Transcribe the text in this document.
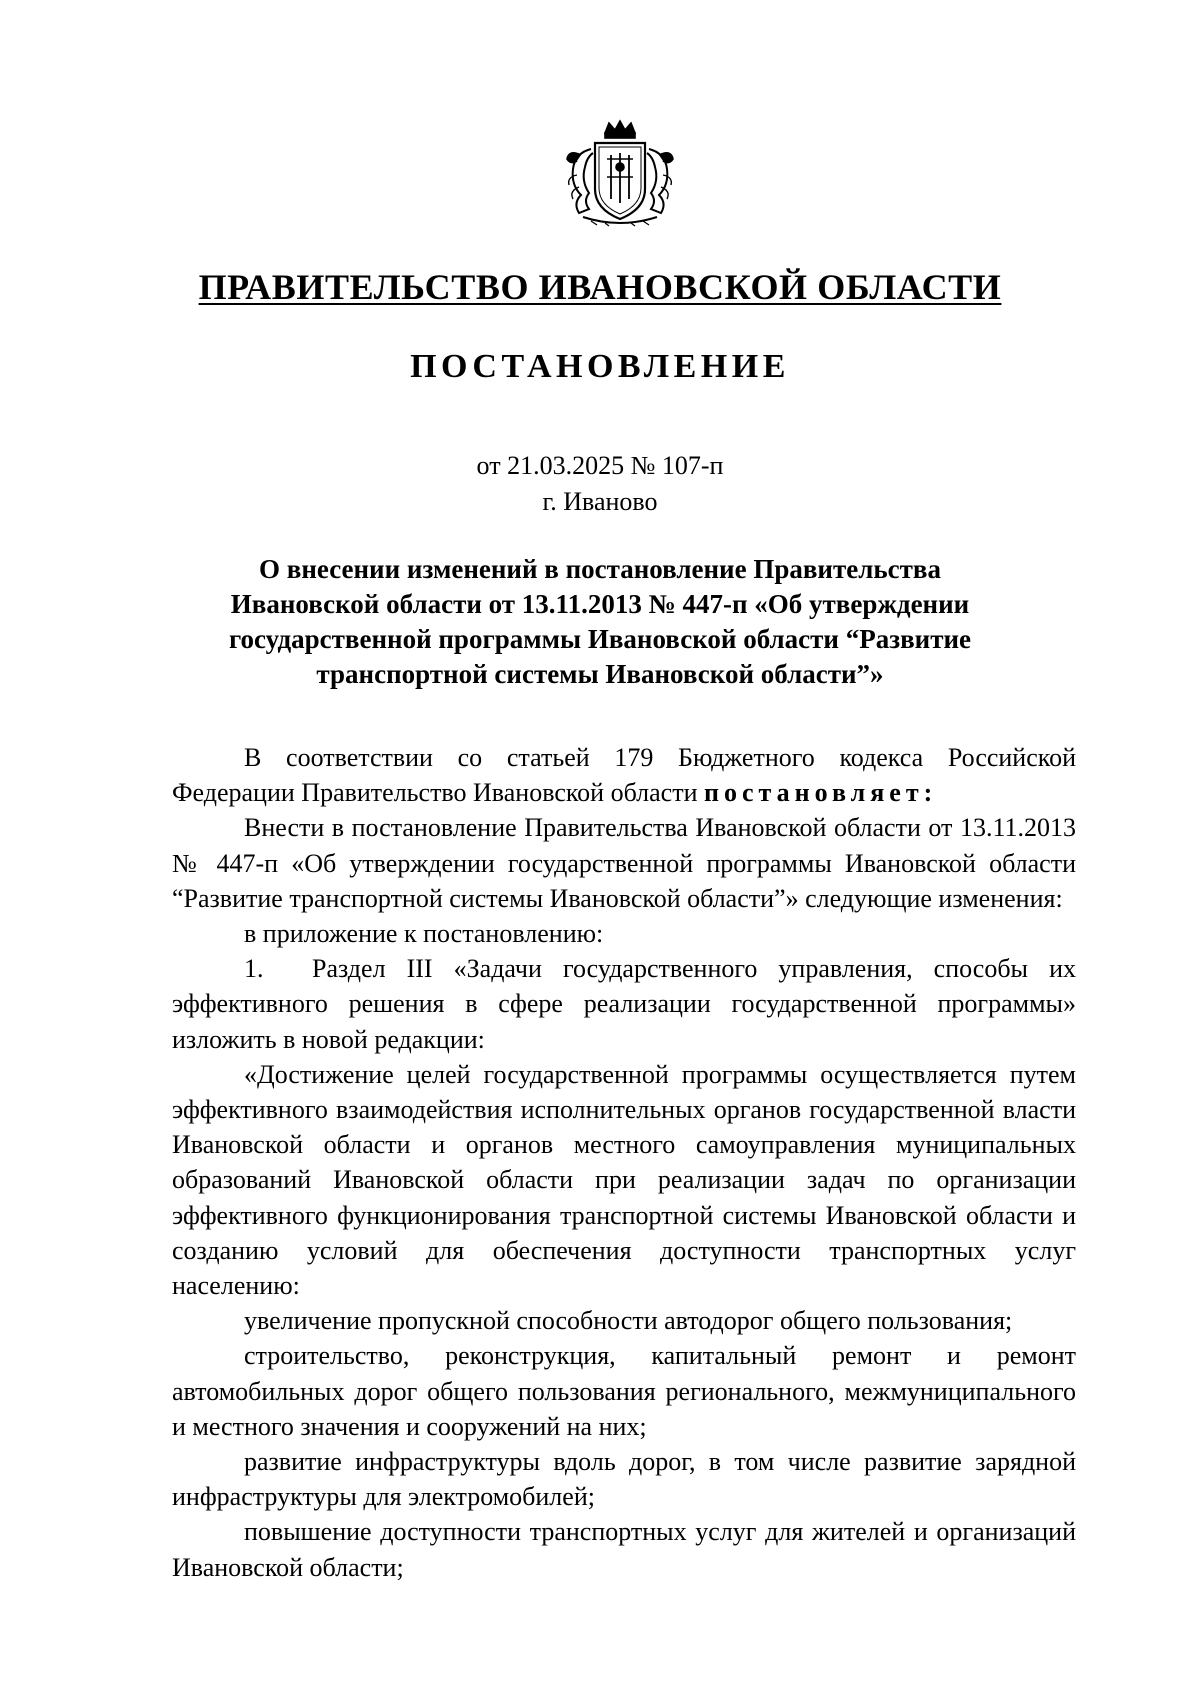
ПРАВИТЕЛЬСТВО ИВАНОВСКОЙ ОБЛАСТИ
ПОСТАНОВЛЕНИЕ
от 21.03.2025 № 107-п
г. Иваново
О внесении изменений в постановление Правительства
Ивановской области от 13.11.2013 № 447-п «Об утверждении
государственной программы Ивановской области “Развитие
транспортной системы Ивановской области”»

В соответствии со статьей 179 Бюджетного кодекса Российской Федерации Правительство Ивановской области постановляет:

Внести в постановление Правительства Ивановской области от 13.11.2013 № 447-п «Об утверждении государственной программы Ивановской области “Развитие транспортной системы Ивановской области”» следующие изменения:

в приложение к постановлению:

1. Раздел III «Задачи государственного управления, способы их эффективного решения в сфере реализации государственной программы» изложить в новой редакции:

«Достижение целей государственной программы осуществляется путем эффективного взаимодействия исполнительных органов государственной власти Ивановской области и органов местного самоуправления муниципальных образований Ивановской области при реализации задач по организации эффективного функционирования транспортной системы Ивановской области и созданию условий для обеспечения доступности транспортных услуг населению:

увеличение пропускной способности автодорог общего пользования;

строительство, реконструкция, капитальный ремонт и ремонт автомобильных дорог общего пользования регионального, межмуниципального и местного значения и сооружений на них;

развитие инфраструктуры вдоль дорог, в том числе развитие зарядной инфраструктуры для электромобилей;

повышение доступности транспортных услуг для жителей и организаций Ивановской области;
